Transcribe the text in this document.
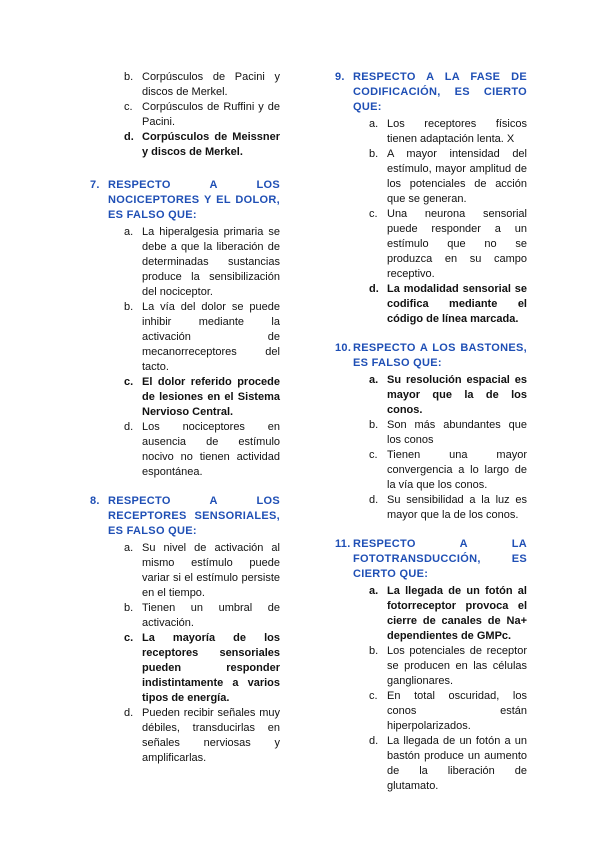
b. Corpúsculos de Pacini y discos de Merkel.
c. Corpúsculos de Ruffini y de Pacini.
d. Corpúsculos de Meissner y discos de Merkel.
7. RESPECTO A LOS NOCICEPTORES Y EL DOLOR, ES FALSO QUE:
a. La hiperalgesia primaria se debe a que la liberación de determinadas sustancias produce la sensibilización del nociceptor.
b. La vía del dolor se puede inhibir mediante la activación de mecanorreceptores del tacto.
c. El dolor referido procede de lesiones en el Sistema Nervioso Central.
d. Los nociceptores en ausencia de estímulo nocivo no tienen actividad espontánea.
8. RESPECTO A LOS RECEPTORES SENSORIALES, ES FALSO QUE:
a. Su nivel de activación al mismo estímulo puede variar si el estímulo persiste en el tiempo.
b. Tienen un umbral de activación.
c. La mayoría de los receptores sensoriales pueden responder indistintamente a varios tipos de energía.
d. Pueden recibir señales muy débiles, transducirlas en señales nerviosas y amplificarlas.
9. RESPECTO A LA FASE DE CODIFICACIÓN, ES CIERTO QUE:
a. Los receptores físicos tienen adaptación lenta. X
b. A mayor intensidad del estímulo, mayor amplitud de los potenciales de acción que se generan.
c. Una neurona sensorial puede responder a un estímulo que no se produzca en su campo receptivo.
d. La modalidad sensorial se codifica mediante el código de línea marcada.
10. RESPECTO A LOS BASTONES, ES FALSO QUE:
a. Su resolución espacial es mayor que la de los conos.
b. Son más abundantes que los conos
c. Tienen una mayor convergencia a lo largo de la vía que los conos.
d. Su sensibilidad a la luz es mayor que la de los conos.
11. RESPECTO A LA FOTOTRANSDUCCIÓN, ES CIERTO QUE:
a. La llegada de un fotón al fotorreceptor provoca el cierre de canales de Na+ dependientes de GMPc.
b. Los potenciales de receptor se producen en las células ganglionares.
c. En total oscuridad, los conos están hiperpolarizados.
d. La llegada de un fotón a un bastón produce un aumento de la liberación de glutamato.
